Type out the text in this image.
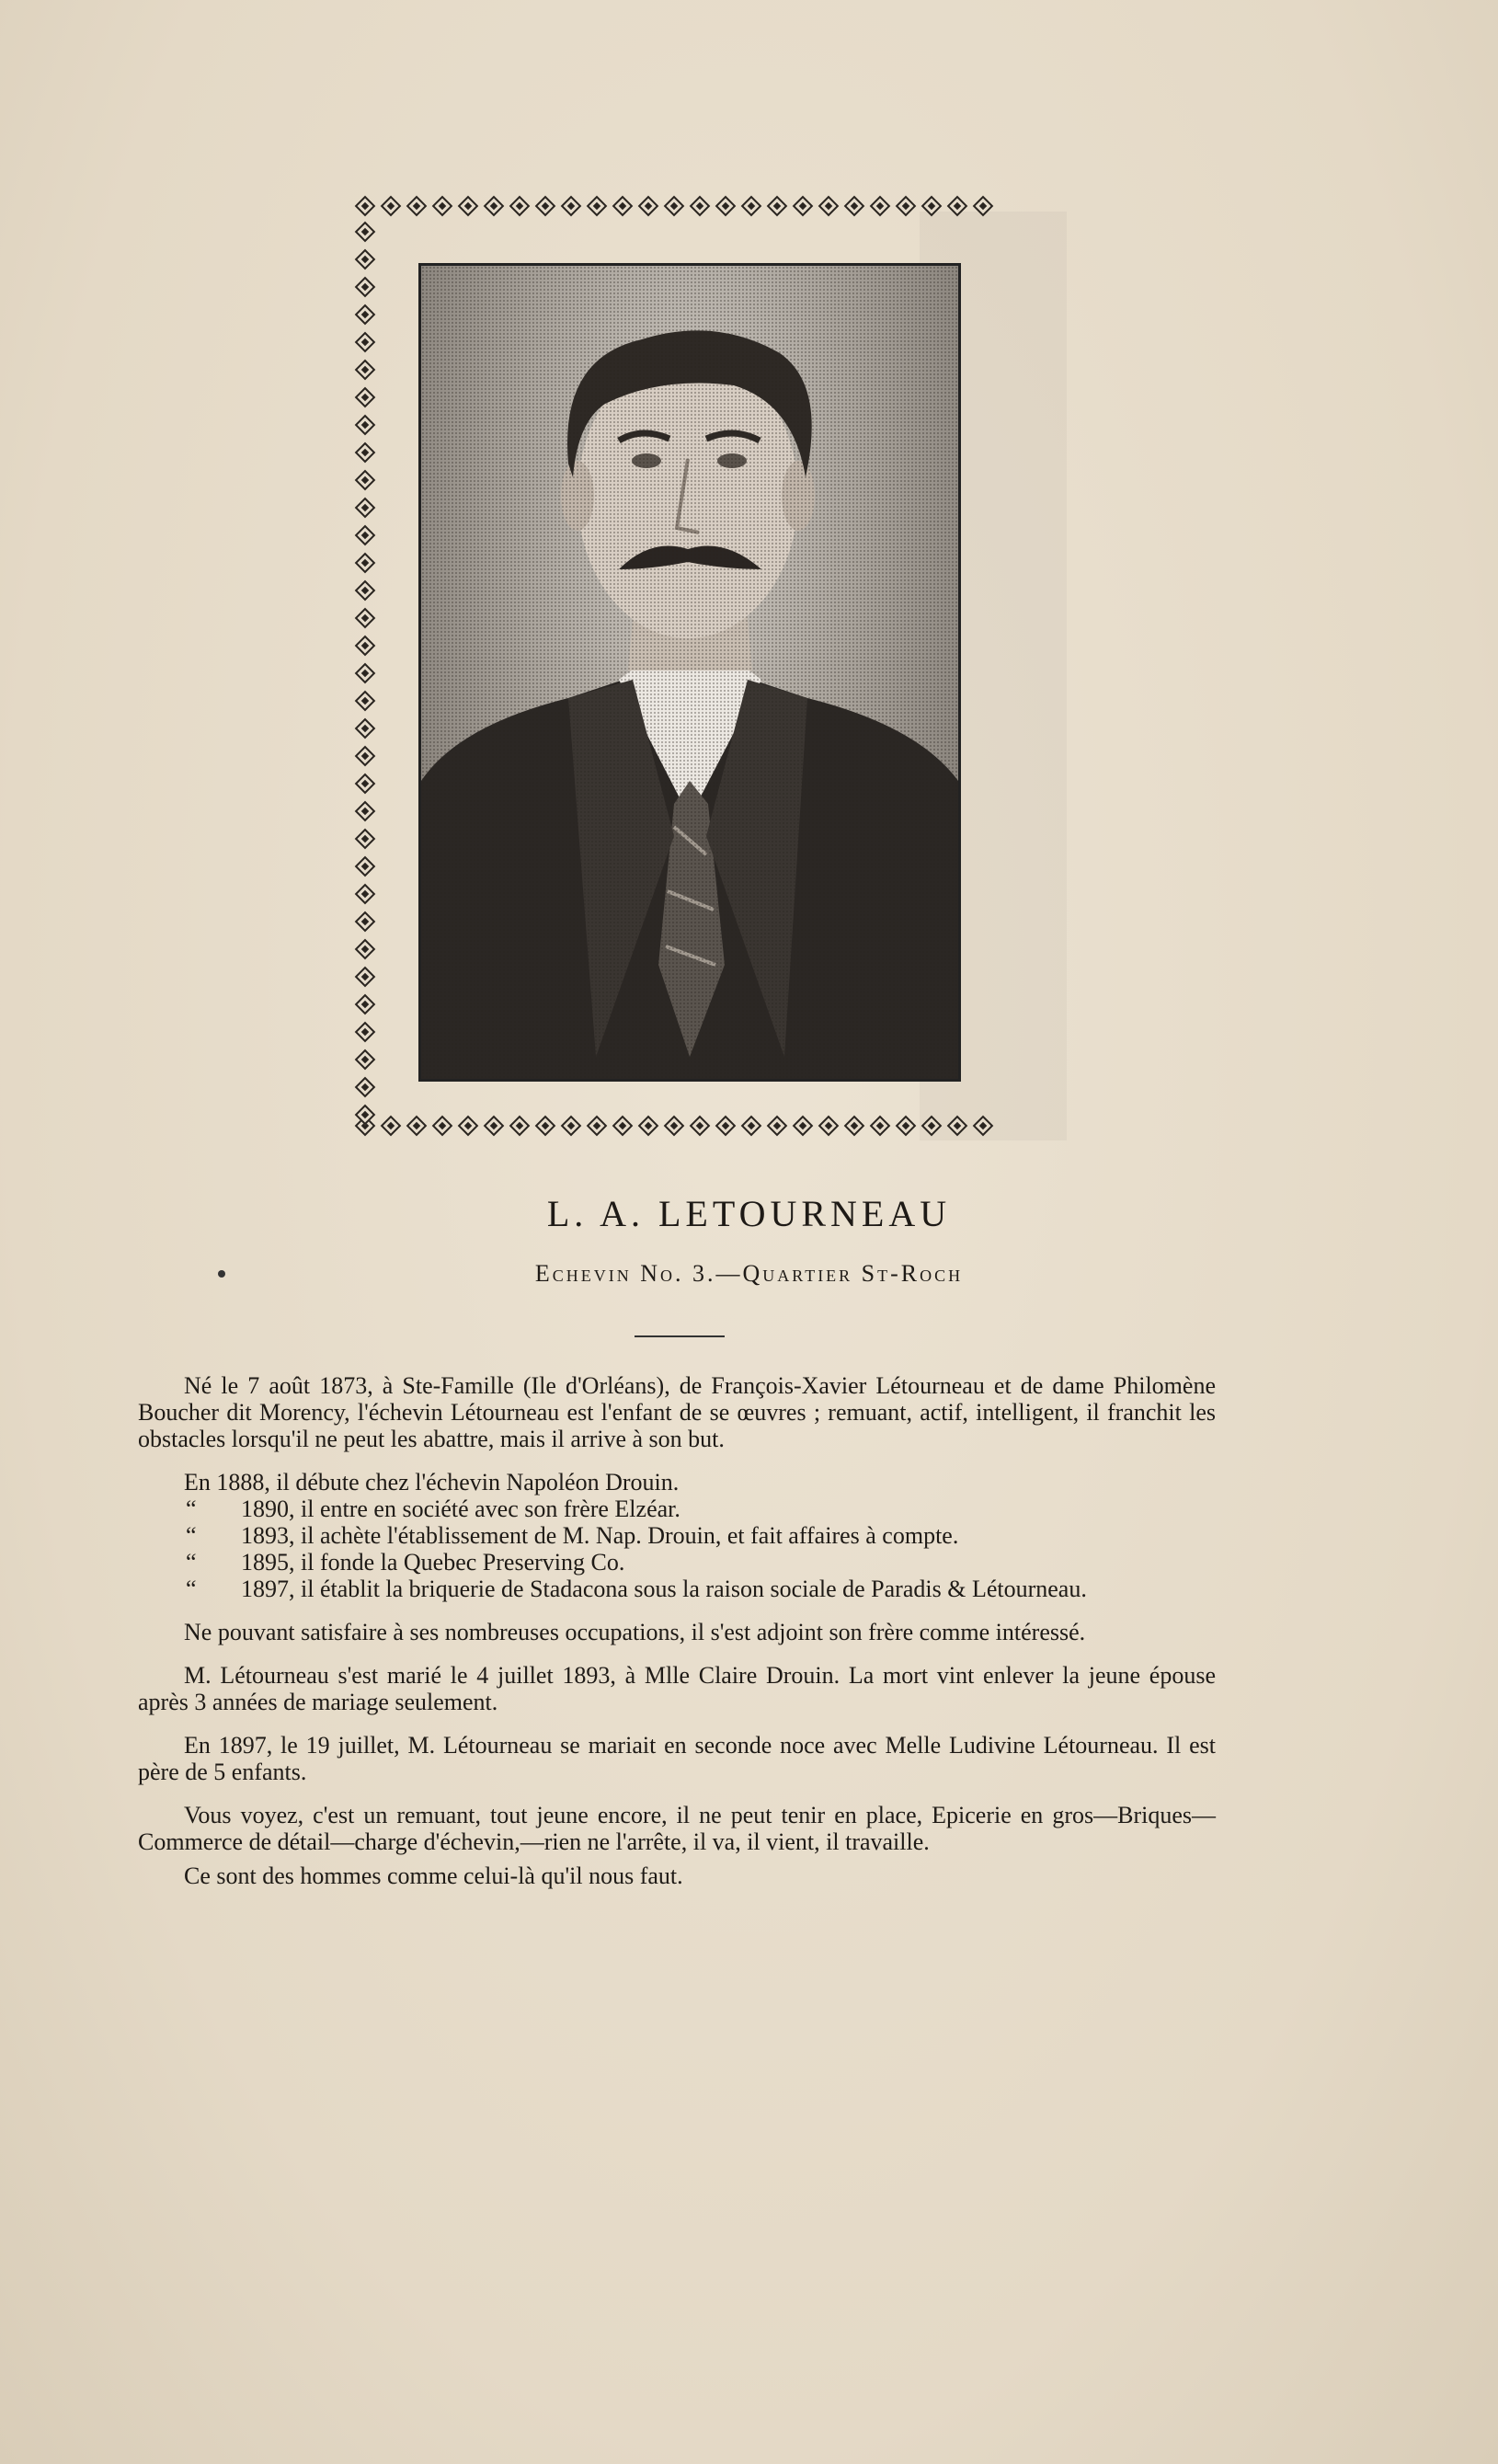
L. A. LETOURNEAU
Echevin No. 3.—Quartier St-Roch

Né le 7 août 1873, à Ste-Famille (Ile d'Orléans), de François-Xavier Létourneau et de dame Philomène Boucher dit Morency, l'échevin Létourneau est l'enfant de se œuvres ; remuant, actif, intelligent, il franchit les obstacles lorsqu'il ne peut les abattre, mais il arrive à son but.

En 1888, il débute chez l'échevin Napoléon Drouin.
“	1890, il entre en société avec son frère Elzéar.
“	1893, il achète l'établissement de M. Nap. Drouin, et fait affaires à compte.
“	1895, il fonde la Quebec Preserving Co.
“	1897, il établit la briquerie de Stadacona sous la raison sociale de Paradis & Létourneau.

Ne pouvant satisfaire à ses nombreuses occupations, il s'est adjoint son frère comme intéressé.

M. Létourneau s'est marié le 4 juillet 1893, à Mlle Claire Drouin. La mort vint enlever la jeune épouse après 3 années de mariage seulement.

En 1897, le 19 juillet, M. Létourneau se mariait en seconde noce avec Melle Ludivine Létourneau. Il est père de 5 enfants.

Vous voyez, c'est un remuant, tout jeune encore, il ne peut tenir en place, Epicerie en gros—Briques—Commerce de détail—charge d'échevin,—rien ne l'arrête, il va, il vient, il travaille.

Ce sont des hommes comme celui-là qu'il nous faut.
